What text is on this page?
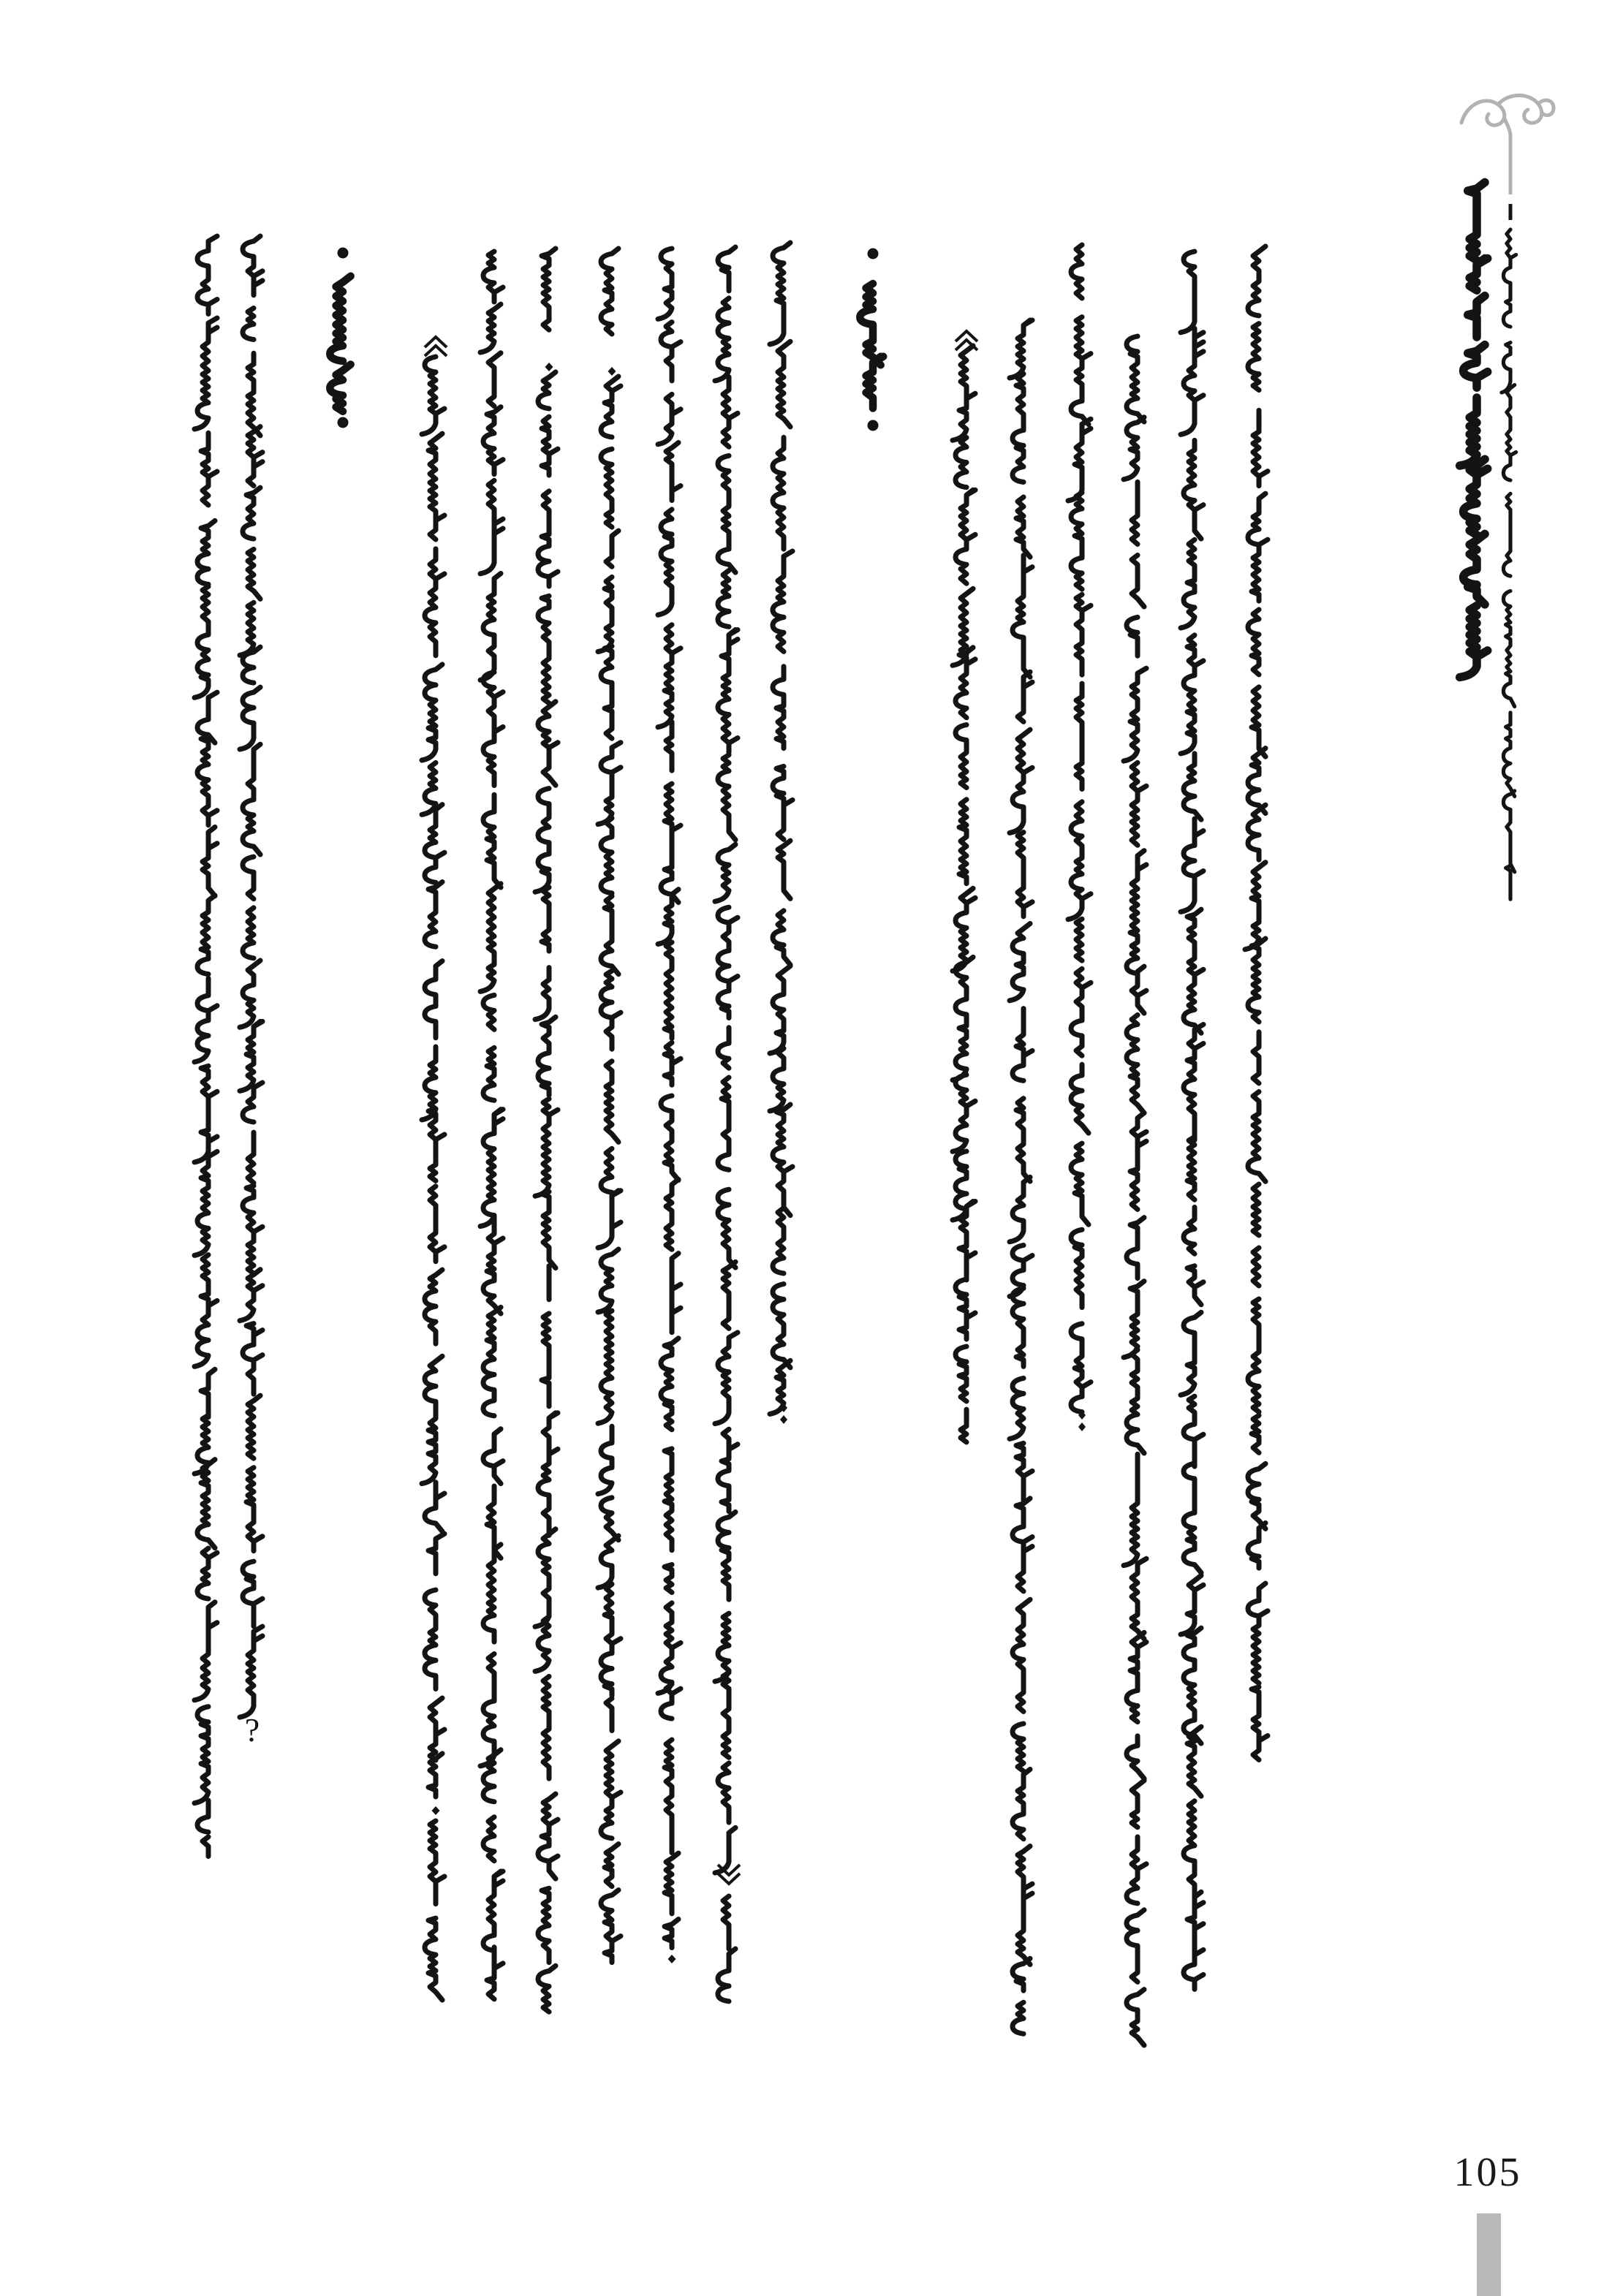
?
105
